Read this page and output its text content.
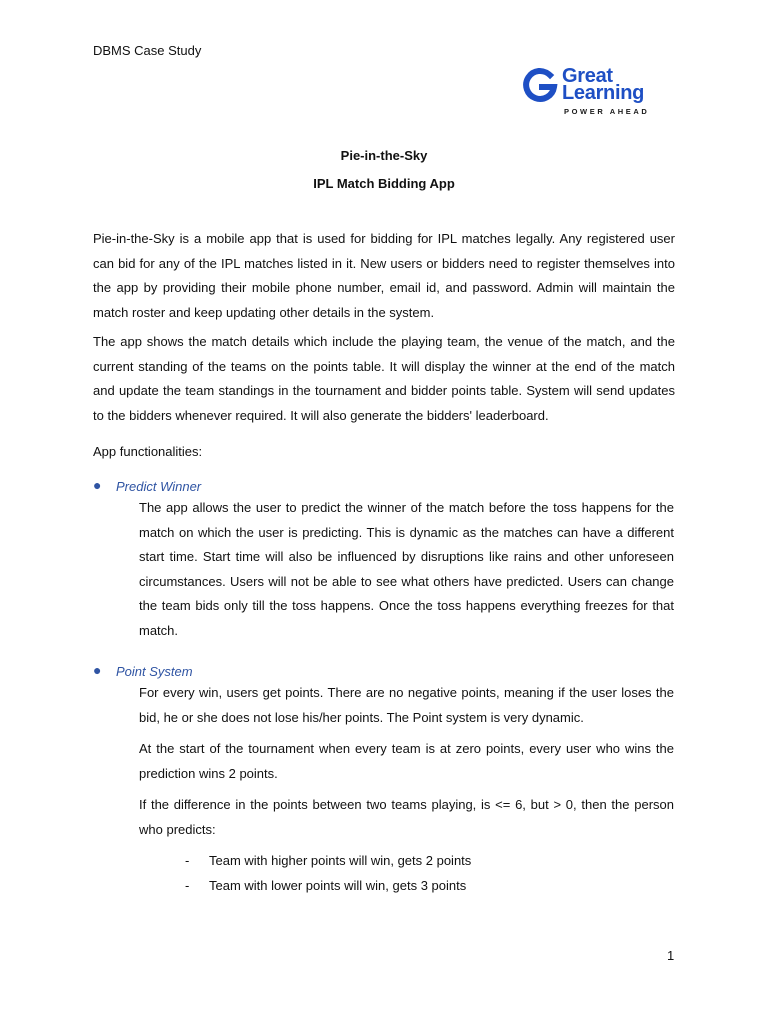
DBMS Case Study
Great
Learning
POWER AHEAD
Pie-in-the-Sky
IPL Match Bidding App
Pie-in-the-Sky is a mobile app that is used for bidding for IPL matches legally. Any registered user can bid for any of the IPL matches listed in it. New users or bidders need to register themselves into the app by providing their mobile phone number, email id, and password. Admin will maintain the match roster and keep updating other details in the system.
The app shows the match details which include the playing team, the venue of the match, and the current standing of the teams on the points table. It will display the winner at the end of the match and update the team standings in the tournament and bidder points table. System will send updates to the bidders whenever required. It will also generate the bidders' leaderboard.
App functionalities:
● Predict Winner
The app allows the user to predict the winner of the match before the toss happens for the match on which the user is predicting. This is dynamic as the matches can have a different start time. Start time will also be influenced by disruptions like rains and other unforeseen circumstances. Users will not be able to see what others have predicted. Users can change the team bids only till the toss happens. Once the toss happens everything freezes for that match.
● Point System
For every win, users get points. There are no negative points, meaning if the user loses the bid, he or she does not lose his/her points. The Point system is very dynamic.
At the start of the tournament when every team is at zero points, every user who wins the prediction wins 2 points.
If the difference in the points between two teams playing, is <= 6, but > 0, then the person who predicts:
- Team with higher points will win, gets 2 points
- Team with lower points will win, gets 3 points
1
